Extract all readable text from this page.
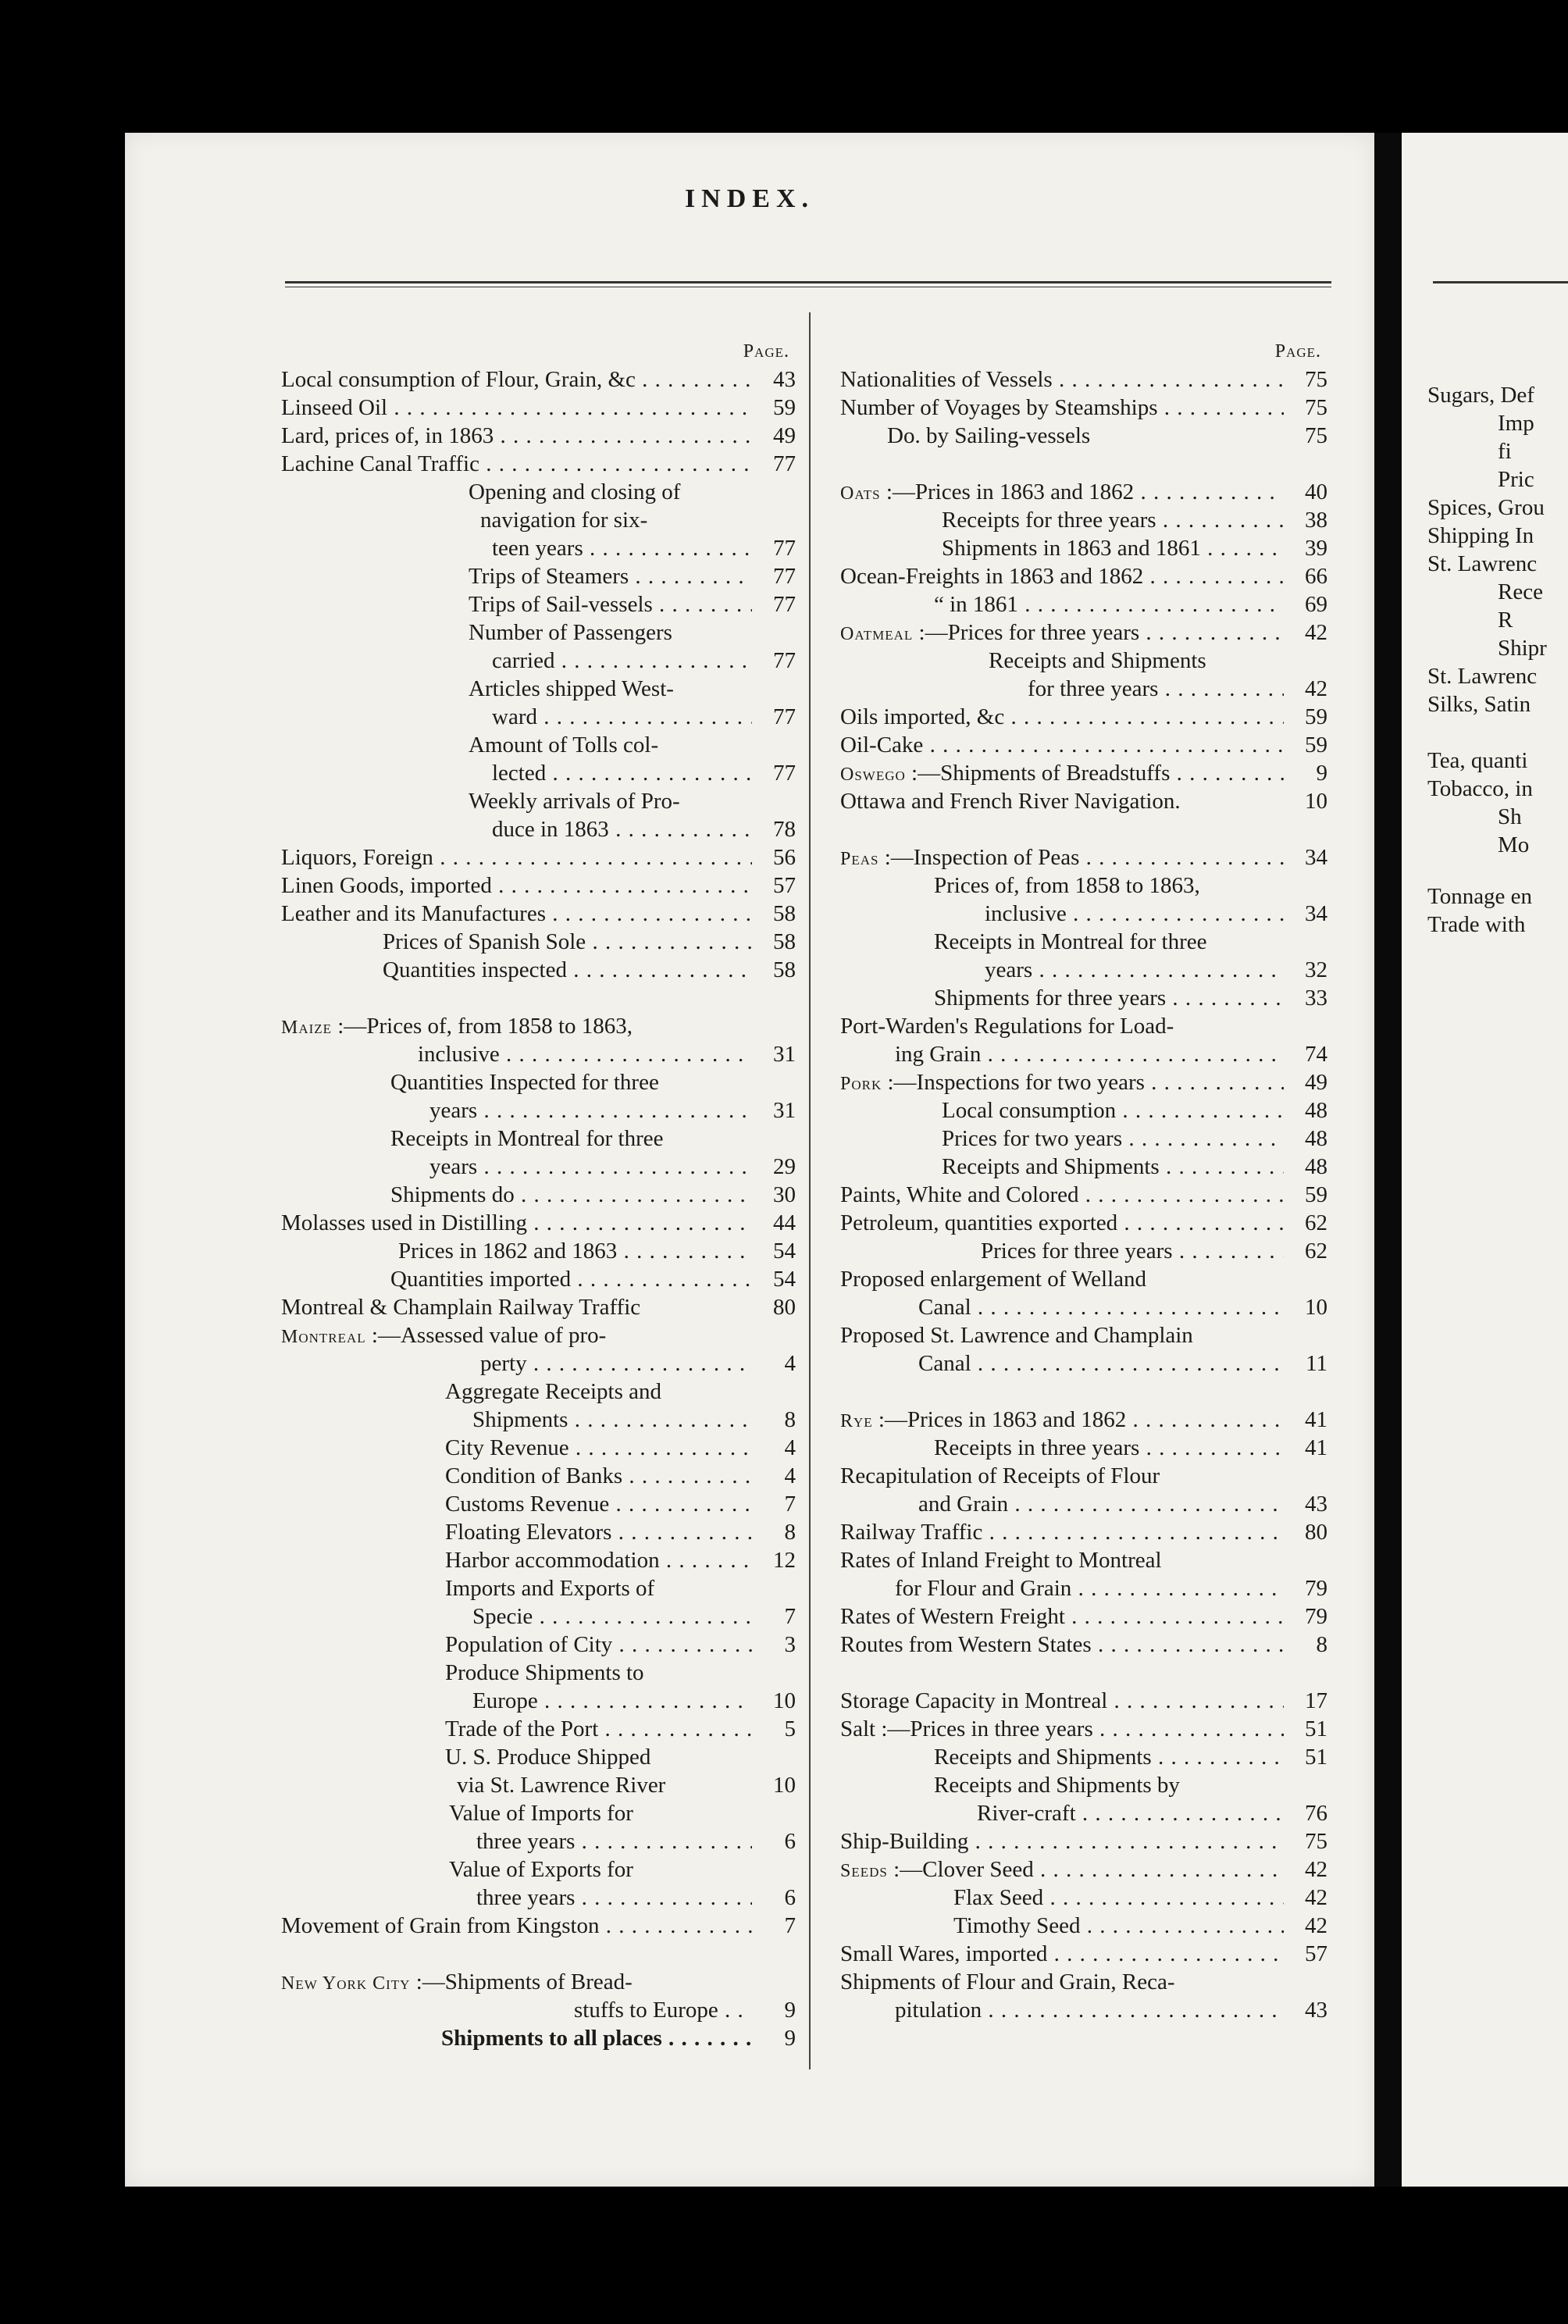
INDEX.
Page.
Local consumption of Flour, Grain, &c . . .	43
Linseed Oil . . .	59
Lard, prices of, in 1863 . . .	49
Lachine Canal Traffic . . .	77
Opening and closing of
navigation for six-
teen years . . .	77
Trips of Steamers . . .	77
Trips of Sail-vessels . . .	77
Number of Passengers
carried . . .	77
Articles shipped West-
ward . . .	77
Amount of Tolls col-
lected . . .	77
Weekly arrivals of Pro-
duce in 1863 . . .	78
Liquors, Foreign . . .	56
Linen Goods, imported . . .	57
Leather and its Manufactures . . .	58
Prices of Spanish Sole . . .	58
Quantities inspected . . .	58
Maize :—Prices of, from 1858 to 1863,
inclusive . . .	31
Quantities Inspected for three
years . . .	31
Receipts in Montreal for three
years . . .	29
Shipments do . . .	30
Molasses used in Distilling . . .	44
Prices in 1862 and 1863 . . .	54
Quantities imported . . .	54
Montreal & Champlain Railway Traffic	80
Montreal :—Assessed value of pro-
perty . . .	4
Aggregate Receipts and
Shipments . . .	8
City Revenue . . .	4
Condition of Banks . . .	4
Customs Revenue . . .	7
Floating Elevators . . .	8
Harbor accommodation . . .	12
Imports and Exports of
Specie . . .	7
Population of City . . .	3
Produce Shipments to
Europe . . .	10
Trade of the Port . . .	5
U. S. Produce Shipped
via St. Lawrence River	10
Value of Imports for
three years . . .	6
Value of Exports for
three years . . .	6
Movement of Grain from Kingston . . .	7
New York City :—Shipments of Bread-
stuffs to Europe . . .	9
Shipments to all places . . .	9
Page.
Nationalities of Vessels . . .	75
Number of Voyages by Steamships . . .	75
Do. by Sailing-vessels	75
Oats :—Prices in 1863 and 1862 . . .	40
Receipts for three years . . .	38
Shipments in 1863 and 1861 . . .	39
Ocean-Freights in 1863 and 1862 . . .	66
“ in 1861 . . .	69
Oatmeal :—Prices for three years . . .	42
Receipts and Shipments
for three years . . .	42
Oils imported, &c . . .	59
Oil-Cake . . .	59
Oswego :—Shipments of Breadstuffs . . .	9
Ottawa and French River Navigation.	10
Peas :—Inspection of Peas . . .	34
Prices of, from 1858 to 1863,
inclusive . . .	34
Receipts in Montreal for three
years . . .	32
Shipments for three years . . .	33
Port-Warden's Regulations for Load-
ing Grain . . .	74
Pork :—Inspections for two years . . .	49
Local consumption . . .	48
Prices for two years . . .	48
Receipts and Shipments . . .	48
Paints, White and Colored . . .	59
Petroleum, quantities exported . . .	62
Prices for three years . . .	62
Proposed enlargement of Welland
Canal . . .	10
Proposed St. Lawrence and Champlain
Canal . . .	11
Rye :—Prices in 1863 and 1862 . . .	41
Receipts in three years . . .	41
Recapitulation of Receipts of Flour
and Grain . . .	43
Railway Traffic . . .	80
Rates of Inland Freight to Montreal
for Flour and Grain . . .	79
Rates of Western Freight . . .	79
Routes from Western States . . .	8
Storage Capacity in Montreal . . .	17
Salt :—Prices in three years . . .	51
Receipts and Shipments . . .	51
Receipts and Shipments by
River-craft . . .	76
Ship-Building . . .	75
Seeds :—Clover Seed . . .	42
Flax Seed . . .	42
Timothy Seed . . .	42
Small Wares, imported . . .	57
Shipments of Flour and Grain, Reca-
pitulation . . .	43
Sugars, Def
Imp
fi
Pric
Spices, Grou
Shipping In
St. Lawrenc
Rece
R
Shipr
St. Lawrenc
Silks, Satin
Tea, quanti
Tobacco, in
Sh
Mo
Tonnage en
Trade with
